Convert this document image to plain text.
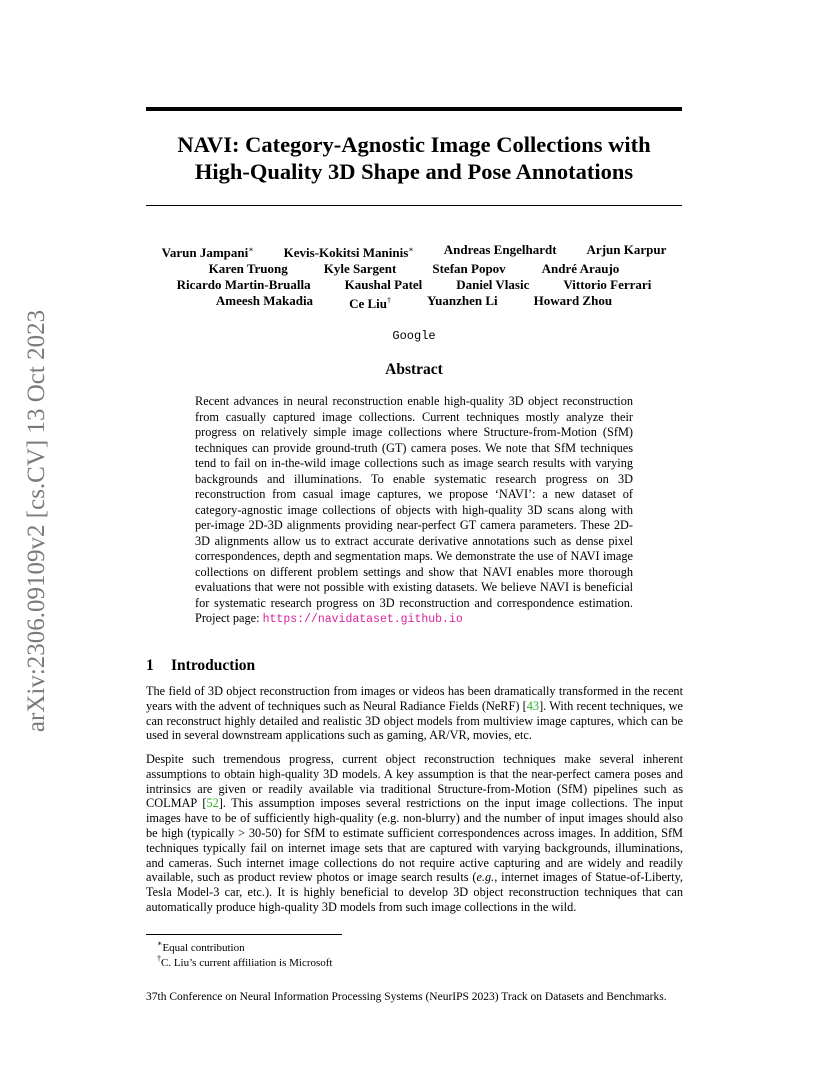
arXiv:2306.09109v2 [cs.CV] 13 Oct 2023
NAVI: Category-Agnostic Image Collections with
High-Quality 3D Shape and Pose Annotations
Varun Jampani∗ Kevis-Kokitsi Maninis∗ Andreas Engelhardt Arjun Karpur
Karen Truong	Kyle Sargent	Stefan Popov	André Araujo
Ricardo Martin-Brualla	Kaushal Patel	Daniel Vlasic	Vittorio Ferrari
Ameesh Makadia	Ce Liu†	Yuanzhen Li	Howard Zhou
Google
Abstract

Recent advances in neural reconstruction enable high-quality 3D object reconstruction from casually captured image collections. Current techniques mostly analyze their progress on relatively simple image collections where Structure-from-Motion (SfM) techniques can provide ground-truth (GT) camera poses. We note that SfM techniques tend to fail on in-the-wild image collections such as image search results with varying backgrounds and illuminations. To enable systematic research progress on 3D reconstruction from casual image captures, we propose ‘NAVI’: a new dataset of category-agnostic image collections of objects with high-quality 3D scans along with per-image 2D-3D alignments providing near-perfect GT camera parameters. These 2D-3D alignments allow us to extract accurate derivative annotations such as dense pixel correspondences, depth and segmentation maps. We demonstrate the use of NAVI image collections on different problem settings and show that NAVI enables more thorough evaluations that were not possible with existing datasets. We believe NAVI is beneficial for systematic research progress on 3D reconstruction and correspondence estimation. Project page: https://navidataset.github.io

1 Introduction

The field of 3D object reconstruction from images or videos has been dramatically transformed in the recent years with the advent of techniques such as Neural Radiance Fields (NeRF) [43]. With recent techniques, we can reconstruct highly detailed and realistic 3D object models from multiview image captures, which can be used in several downstream applications such as gaming, AR/VR, movies, etc.

Despite such tremendous progress, current object reconstruction techniques make several inherent assumptions to obtain high-quality 3D models. A key assumption is that the near-perfect camera poses and intrinsics are given or readily available via traditional Structure-from-Motion (SfM) pipelines such as COLMAP [52]. This assumption imposes several restrictions on the input image collections. The input images have to be of sufficiently high-quality (e.g. non-blurry) and the number of input images should also be high (typically > 30-50) for SfM to estimate sufficient correspondences across images. In addition, SfM techniques typically fail on internet image sets that are captured with varying backgrounds, illuminations, and cameras. Such internet image collections do not require active capturing and are widely and readily available, such as product review photos or image search results (e.g., internet images of Statue-of-Liberty, Tesla Model-3 car, etc.). It is highly beneficial to develop 3D object reconstruction techniques that can automatically produce high-quality 3D models from such image collections in the wild.

∗Equal contribution
†C. Liu’s current affiliation is Microsoft
37th Conference on Neural Information Processing Systems (NeurIPS 2023) Track on Datasets and Benchmarks.
